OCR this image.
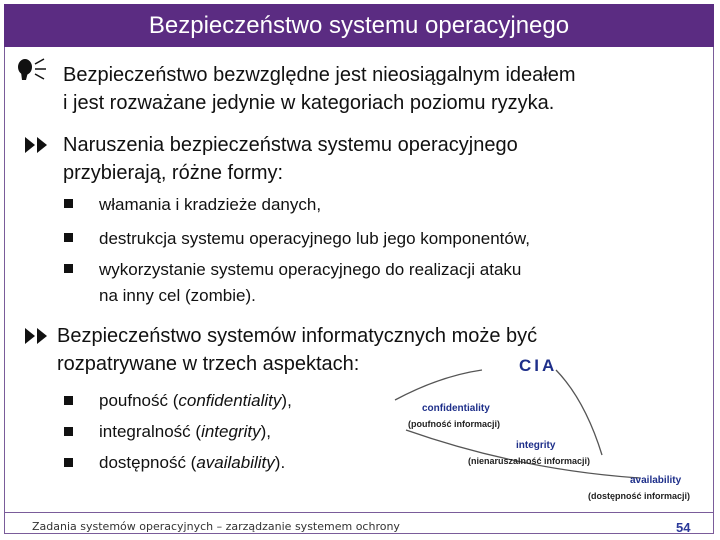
Bezpieczeństwo systemu operacyjnego
Bezpieczeństwo bezwzględne jest nieosiągalnym ideałem
i jest rozważane jedynie w kategoriach poziomu ryzyka.
Naruszenia bezpieczeństwa systemu operacyjnego
przybierają, różne formy:
włamania i kradzieże danych,
destrukcja systemu operacyjnego lub jego komponentów,
wykorzystanie systemu operacyjnego do realizacji ataku
na inny cel (zombie).
Bezpieczeństwo systemów informatycznych może być
rozpatrywane w trzech aspektach:
poufność (confidentiality),
integralność (integrity),
dostępność (availability).
CIA
confidentiality
(poufność informacji)
integrity
(nienaruszalność informacji)
availability
(dostępność informacji)
Zadania systemów operacyjnych – zarządzanie systemem ochrony	54
